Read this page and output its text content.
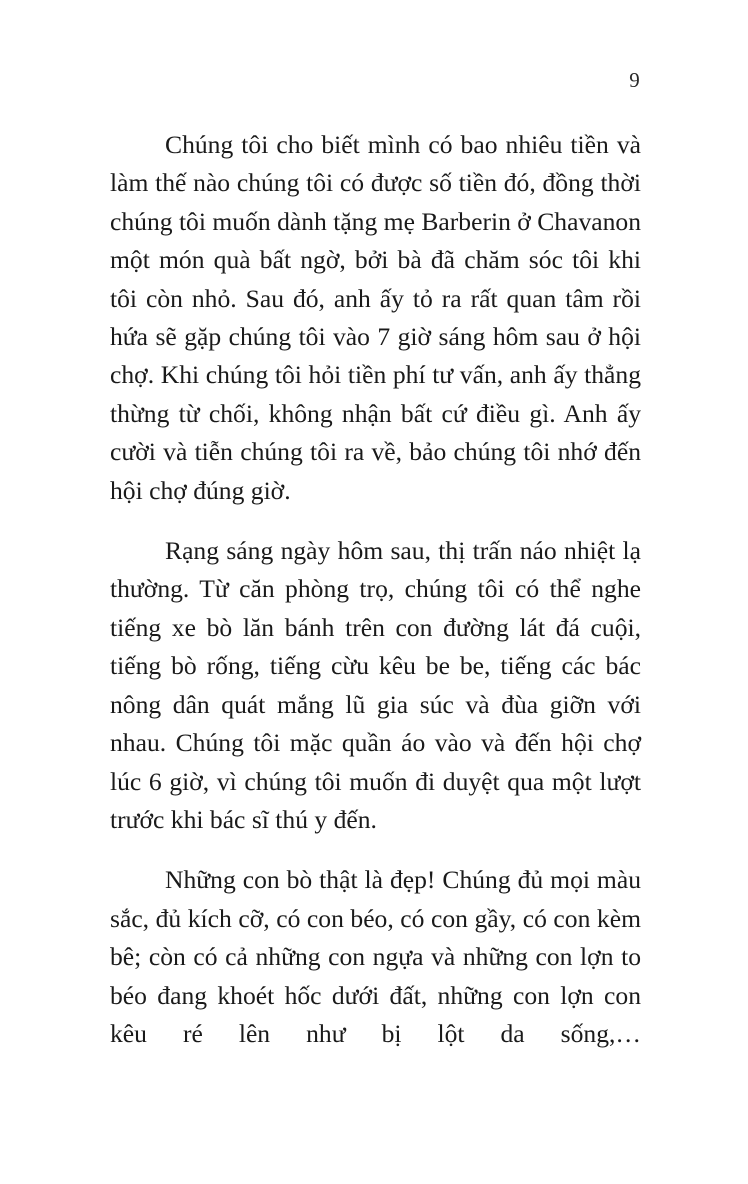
9

Chúng tôi cho biết mình có bao nhiêu tiền và làm thế nào chúng tôi có được số tiền đó, đồng thời chúng tôi muốn dành tặng mẹ Barberin ở Chavanon một món quà bất ngờ, bởi bà đã chăm sóc tôi khi tôi còn nhỏ. Sau đó, anh ấy tỏ ra rất quan tâm rồi hứa sẽ gặp chúng tôi vào 7 giờ sáng hôm sau ở hội chợ. Khi chúng tôi hỏi tiền phí tư vấn, anh ấy thẳng thừng từ chối, không nhận bất cứ điều gì. Anh ấy cười và tiễn chúng tôi ra về, bảo chúng tôi nhớ đến hội chợ đúng giờ.

Rạng sáng ngày hôm sau, thị trấn náo nhiệt lạ thường. Từ căn phòng trọ, chúng tôi có thể nghe tiếng xe bò lăn bánh trên con đường lát đá cuội, tiếng bò rống, tiếng cừu kêu be be, tiếng các bác nông dân quát mắng lũ gia súc và đùa giỡn với nhau. Chúng tôi mặc quần áo vào và đến hội chợ lúc 6 giờ, vì chúng tôi muốn đi duyệt qua một lượt trước khi bác sĩ thú y đến.

Những con bò thật là đẹp! Chúng đủ mọi màu sắc, đủ kích cỡ, có con béo, có con gầy, có con kèm bê; còn có cả những con ngựa và những con lợn to béo đang khoét hốc dưới đất, những con lợn con kêu ré lên như bị lột da sống,…
